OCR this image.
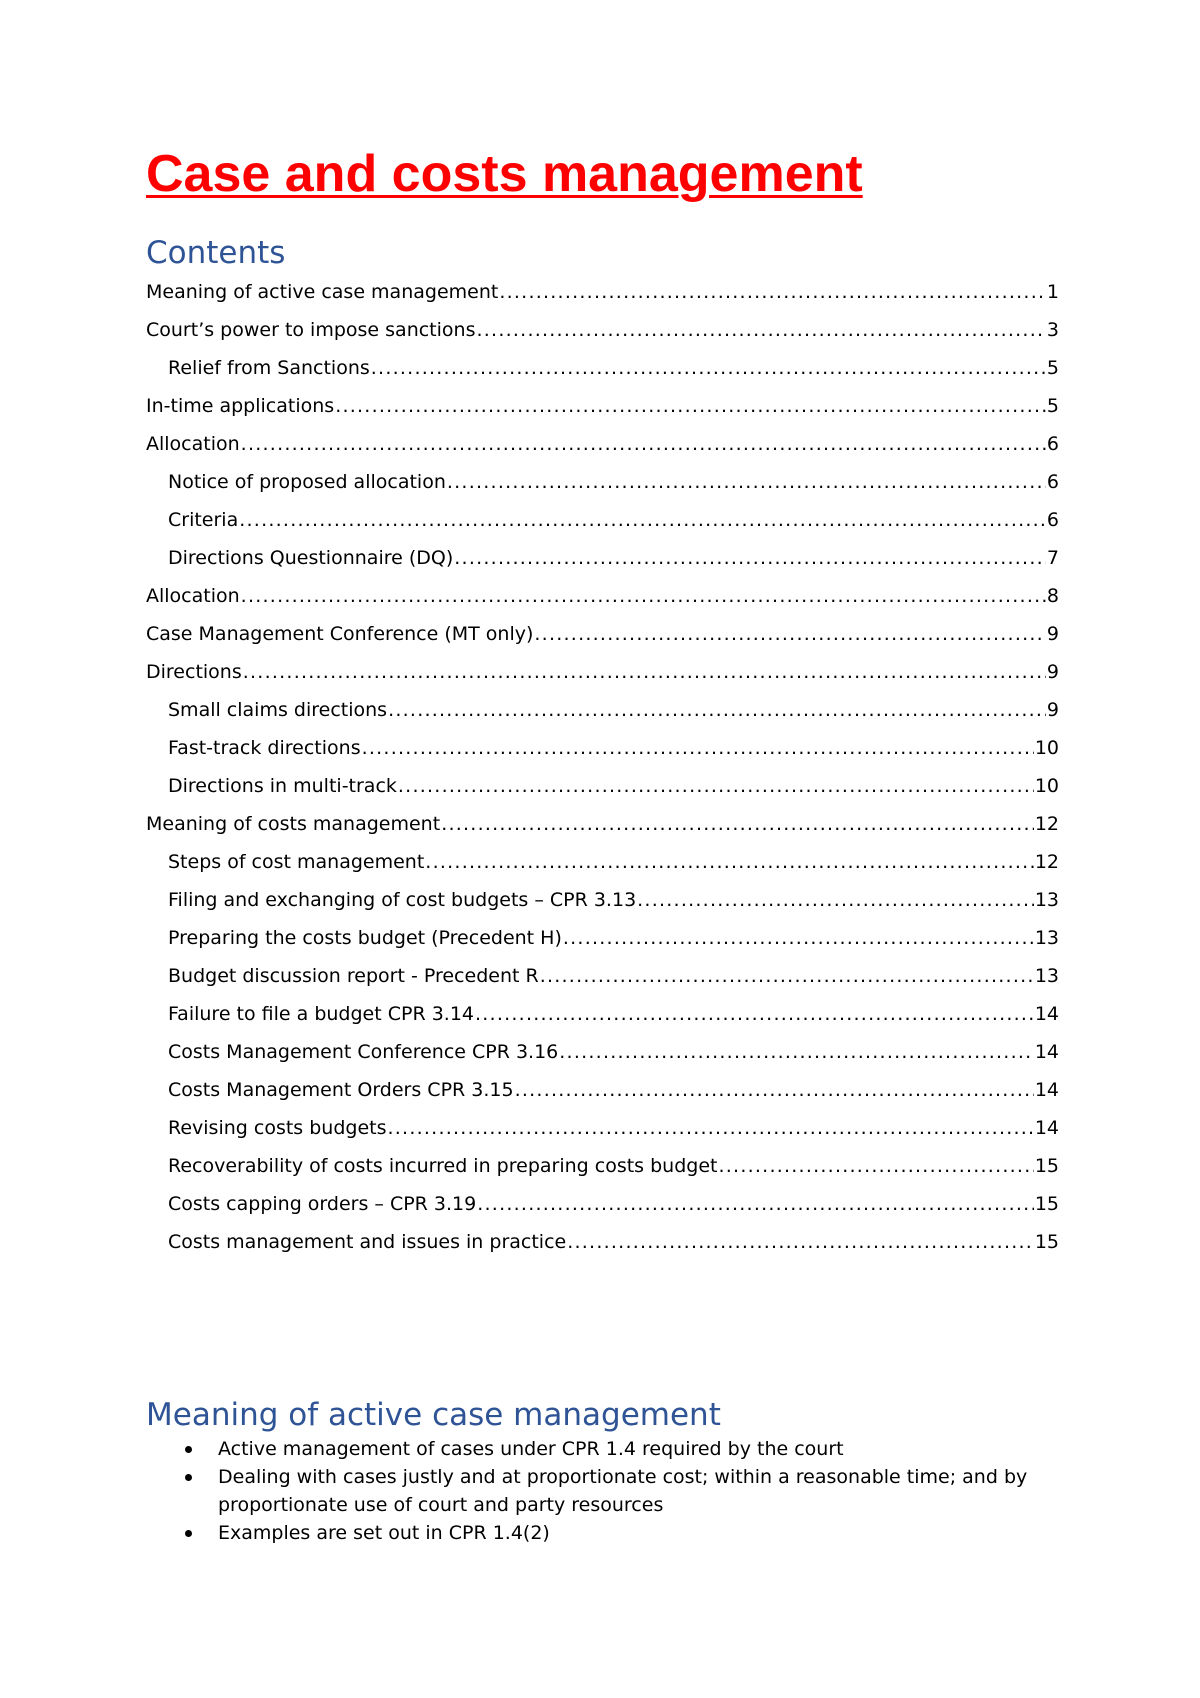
Case and costs management
Contents
Meaning of active case management . . .	1
Court’s power to impose sanctions . . .	3
Relief from Sanctions . . .	5
In-time applications . . .	5
Allocation . . .	6
Notice of proposed allocation . . .	6
Criteria . . .	6
Directions Questionnaire (DQ) . . .	7
Allocation . . .	8
Case Management Conference (MT only) . . .	9
Directions . . .	9
Small claims directions . . .	9
Fast-track directions . . .	10
Directions in multi-track . . .	10
Meaning of costs management . . .	12
Steps of cost management . . .	12
Filing and exchanging of cost budgets – CPR 3.13 . . .	13
Preparing the costs budget (Precedent H) . . .	13
Budget discussion report - Precedent R . . .	13
Failure to file a budget CPR 3.14 . . .	14
Costs Management Conference CPR 3.16 . . .	14
Costs Management Orders CPR 3.15 . . .	14
Revising costs budgets . . .	14
Recoverability of costs incurred in preparing costs budget . . .	15
Costs capping orders – CPR 3.19 . . .	15
Costs management and issues in practice . . .	15
Meaning of active case management
Active management of cases under CPR 1.4 required by the court
Dealing with cases justly and at proportionate cost; within a reasonable time; and by proportionate use of court and party resources
Examples are set out in CPR 1.4(2)
